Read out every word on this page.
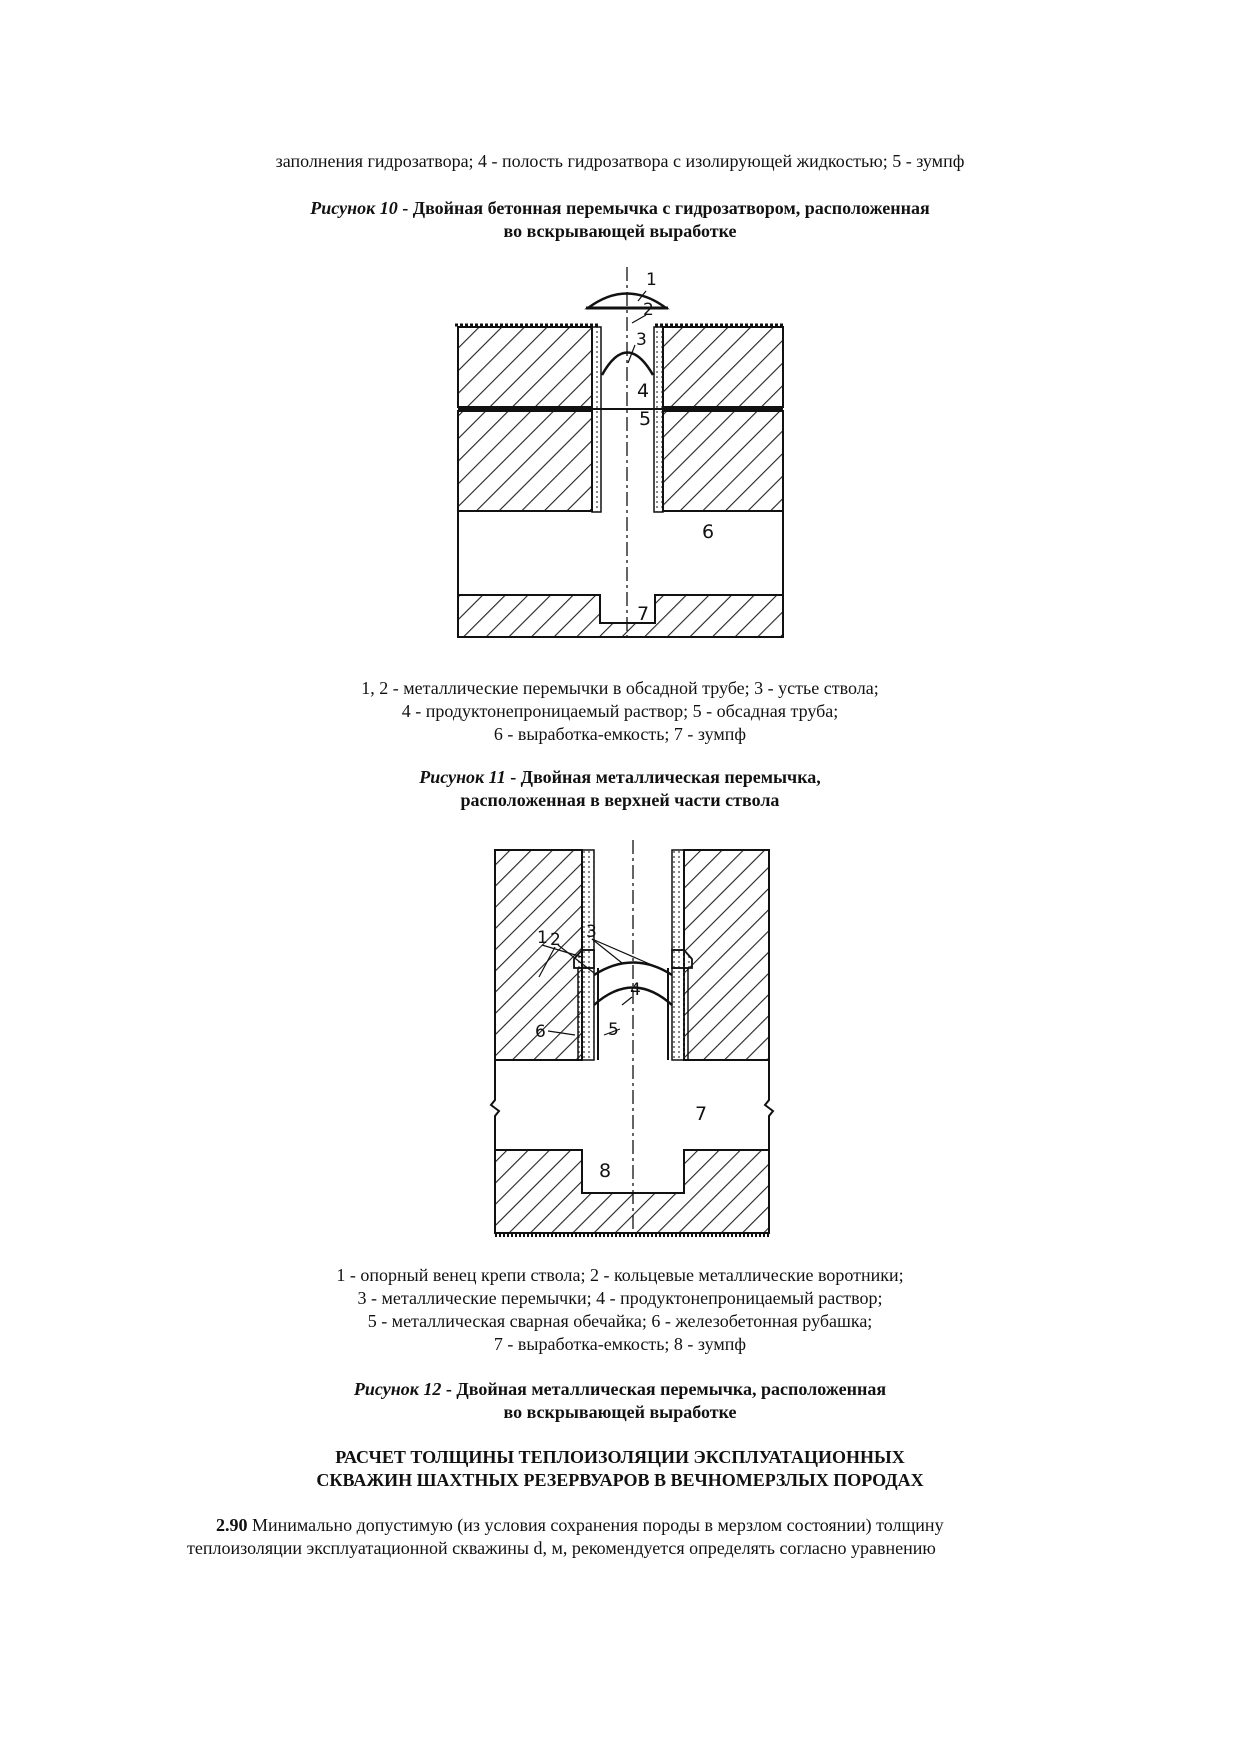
заполнения гидрозатвора; 4 - полость гидрозатвора с изолирующей жидкостью; 5 - зумпф
Рисунок 10 - Двойная бетонная перемычка с гидрозатвором, расположенная
во вскрывающей выработке
1
2
3
4
5
6
7
1, 2 - металлические перемычки в обсадной трубе; 3 - устье ствола;
4 - продуктонепроницаемый раствор; 5 - обсадная труба;
6 - выработка-емкость; 7 - зумпф
Рисунок 11 - Двойная металлическая перемычка,
расположенная в верхней части ствола
1 2 3
4
5
6
7
8
1 - опорный венец крепи ствола; 2 - кольцевые металлические воротники;
3 - металлические перемычки; 4 - продуктонепроницаемый раствор;
5 - металлическая сварная обечайка; 6 - железобетонная рубашка;
7 - выработка-емкость; 8 - зумпф
Рисунок 12 - Двойная металлическая перемычка, расположенная
во вскрывающей выработке
РАСЧЕТ ТОЛЩИНЫ ТЕПЛОИЗОЛЯЦИИ ЭКСПЛУАТАЦИОННЫХ
СКВАЖИН ШАХТНЫХ РЕЗЕРВУАРОВ В ВЕЧНОМЕРЗЛЫХ ПОРОДАХ
2.90 Минимально допустимую (из условия сохранения породы в мерзлом состоянии) толщину
теплоизоляции эксплуатационной скважины d, м, рекомендуется определять согласно уравнению
